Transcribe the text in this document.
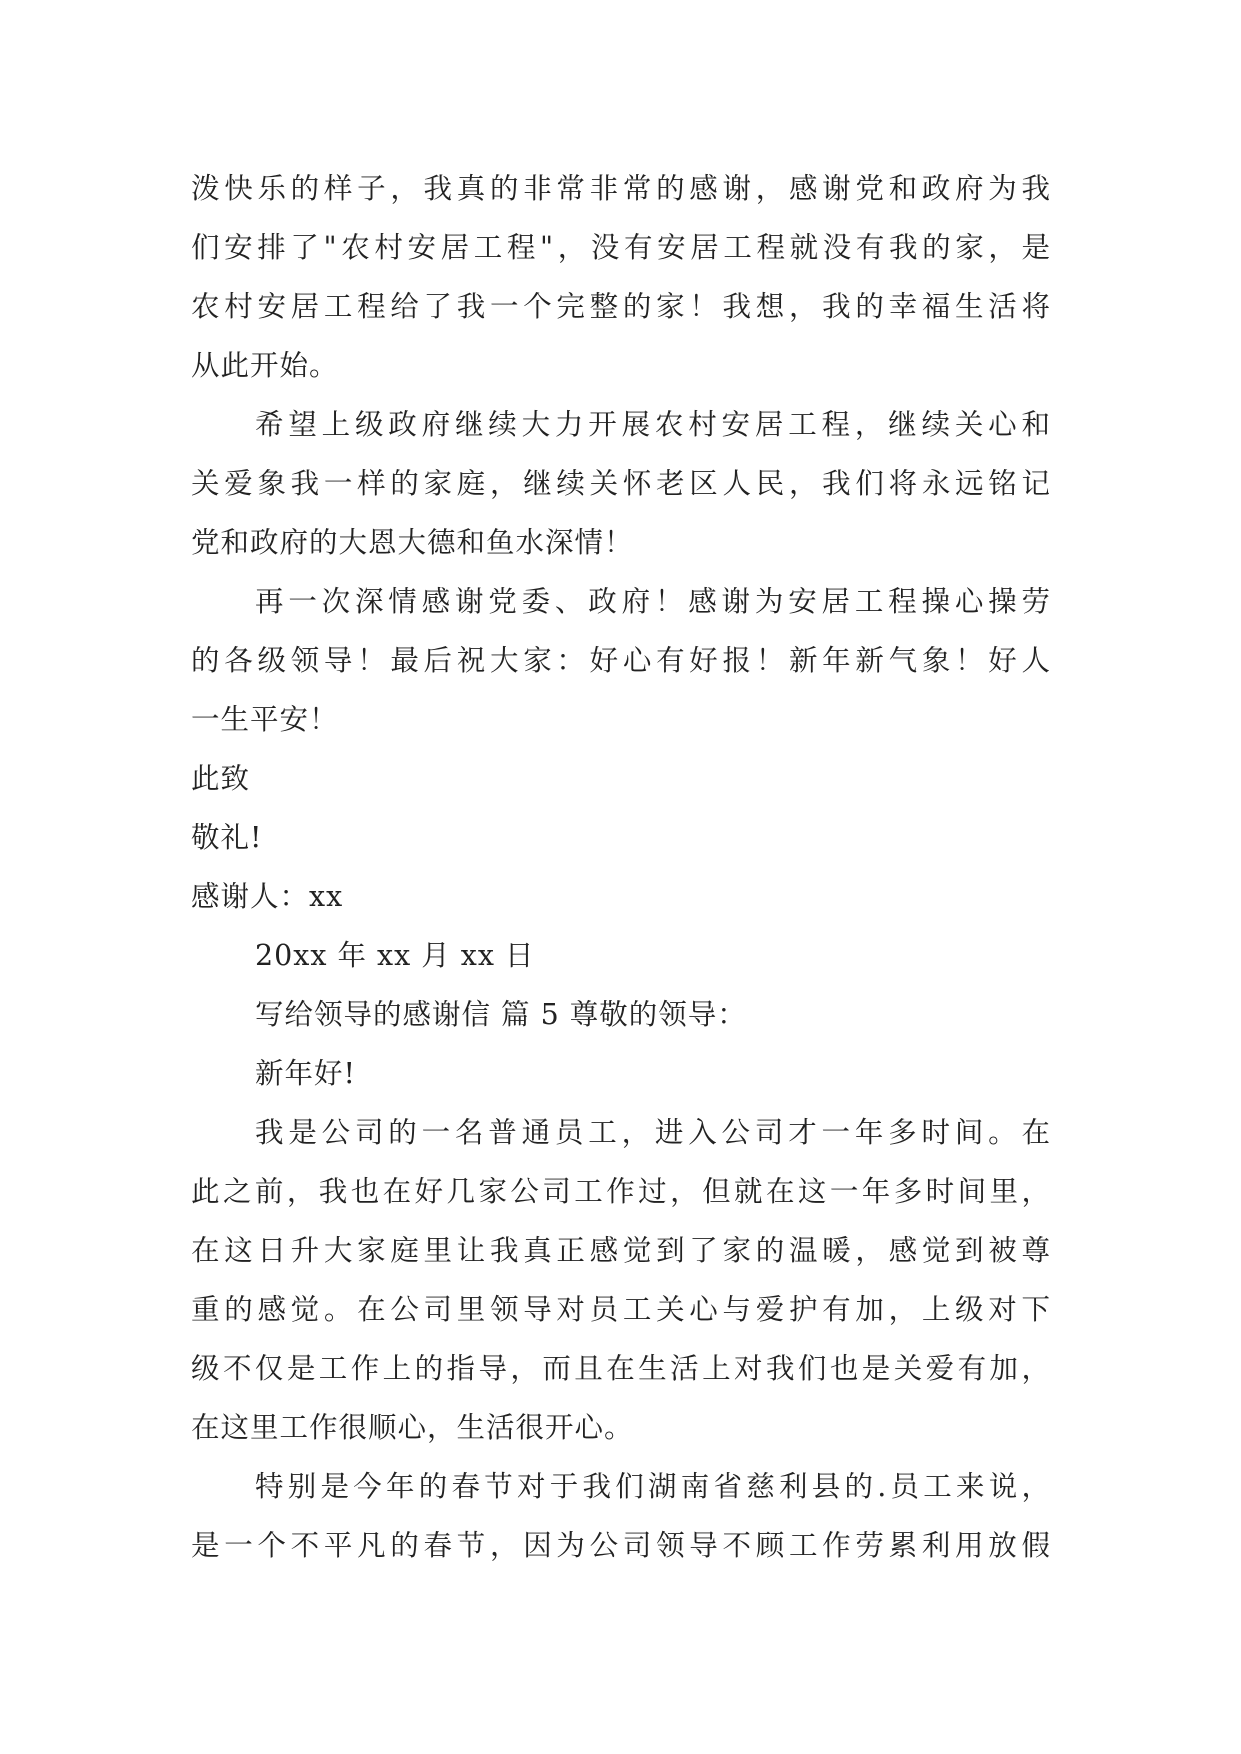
泼快乐的样子，我真的非常非常的感谢，感谢党和政府为我
们安排了"农村安居工程"，没有安居工程就没有我的家，是
农村安居工程给了我一个完整的家！我想，我的幸福生活将
从此开始。
希望上级政府继续大力开展农村安居工程，继续关心和
关爱象我一样的家庭，继续关怀老区人民，我们将永远铭记
党和政府的大恩大德和鱼水深情！
再一次深情感谢党委、政府！感谢为安居工程操心操劳
的各级领导！最后祝大家：好心有好报！新年新气象！好人
一生平安！
此致
敬礼!
感谢人：xx
20xx 年 xx 月 xx 日
写给领导的感谢信 篇 5 尊敬的领导：
新年好!
我是公司的一名普通员工，进入公司才一年多时间。在
此之前，我也在好几家公司工作过，但就在这一年多时间里，
在这日升大家庭里让我真正感觉到了家的温暖，感觉到被尊
重的感觉。在公司里领导对员工关心与爱护有加，上级对下
级不仅是工作上的指导，而且在生活上对我们也是关爱有加，
在这里工作很顺心，生活很开心。
特别是今年的春节对于我们湖南省慈利县的.员工来说，
是一个不平凡的春节，因为公司领导不顾工作劳累利用放假
